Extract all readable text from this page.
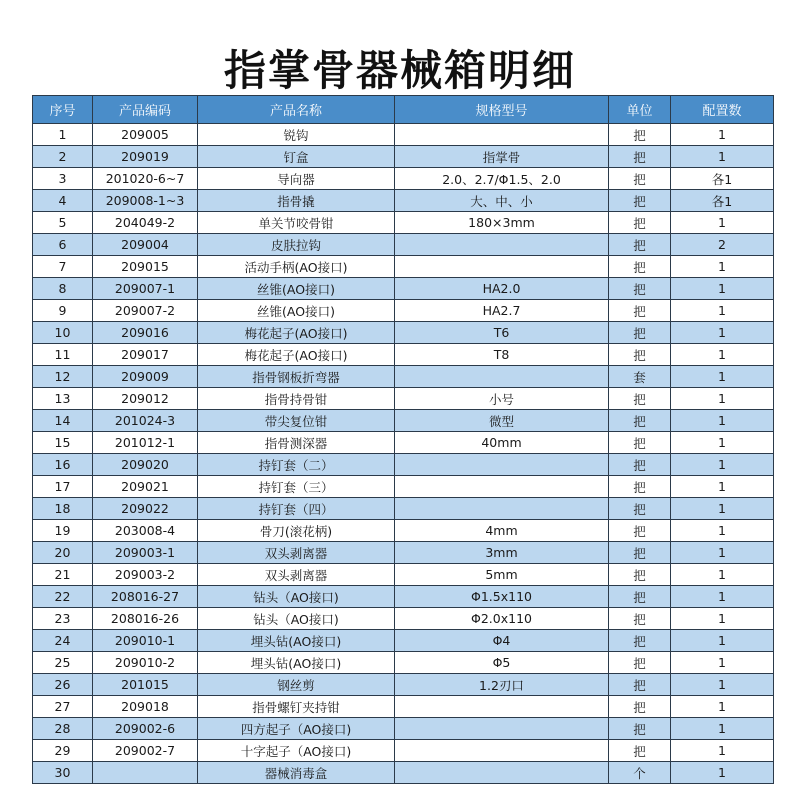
指掌骨器械箱明细
序号	产品编码	产品名称	规格型号	单位	配置数
1	209005	锐钩		把	1
2	209019	钉盒	指掌骨	把	1
3	201020-6~7	导向器	2.0、2.7/Φ1.5、2.0	把	各1
4	209008-1~3	指骨撬	大、中、小	把	各1
5	204049-2	单关节咬骨钳	180×3mm	把	1
6	209004	皮肤拉钩		把	2
7	209015	活动手柄(AO接口)		把	1
8	209007-1	丝锥(AO接口)	HA2.0	把	1
9	209007-2	丝锥(AO接口)	HA2.7	把	1
10	209016	梅花起子(AO接口)	T6	把	1
11	209017	梅花起子(AO接口)	T8	把	1
12	209009	指骨钢板折弯器		套	1
13	209012	指骨持骨钳	小号	把	1
14	201024-3	带尖复位钳	微型	把	1
15	201012-1	指骨测深器	40mm	把	1
16	209020	持钉套（二）		把	1
17	209021	持钉套（三）		把	1
18	209022	持钉套（四）		把	1
19	203008-4	骨刀(滚花柄)	4mm	把	1
20	209003-1	双头剥离器	3mm	把	1
21	209003-2	双头剥离器	5mm	把	1
22	208016-27	钻头（AO接口)	Φ1.5x110	把	1
23	208016-26	钻头（AO接口)	Φ2.0x110	把	1
24	209010-1	埋头钻(AO接口)	Φ4	把	1
25	209010-2	埋头钻(AO接口)	Φ5	把	1
26	201015	钢丝剪	1.2刃口	把	1
27	209018	指骨螺钉夹持钳		把	1
28	209002-6	四方起子（AO接口)		把	1
29	209002-7	十字起子（AO接口)		把	1
30		器械消毒盒		个	1
